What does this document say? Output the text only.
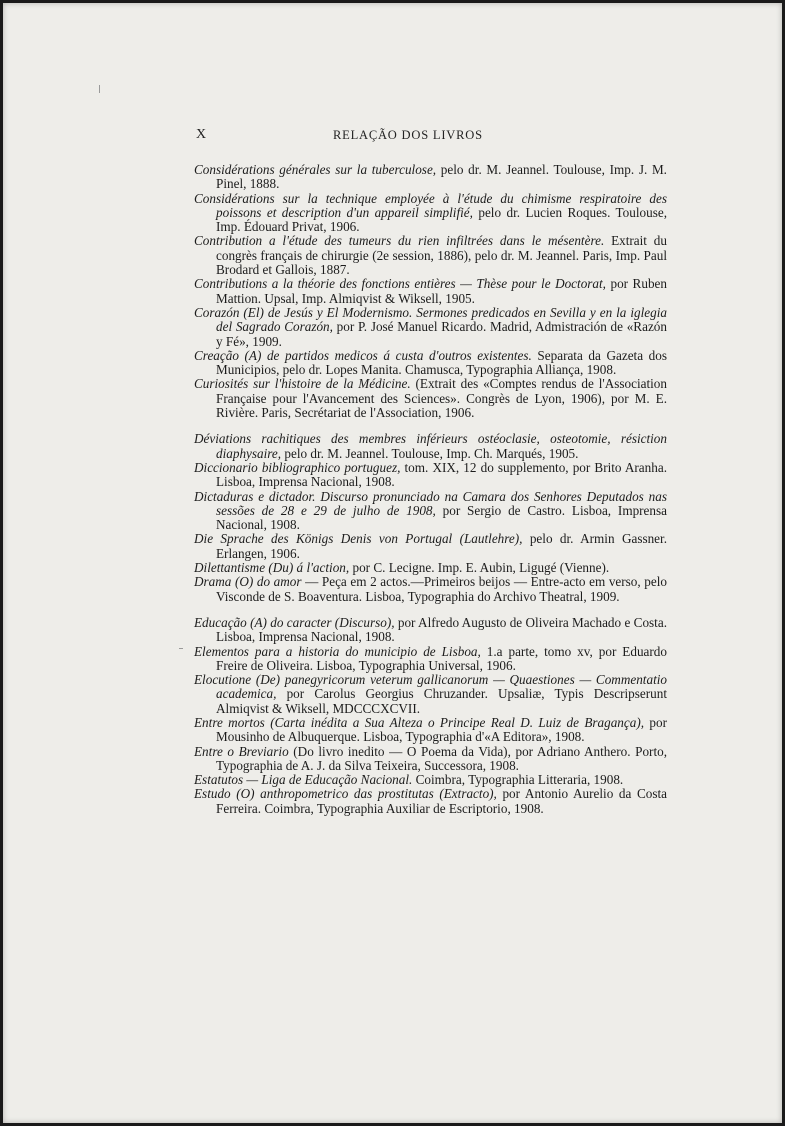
X	RELAÇÃO DOS LIVROS

Considérations générales sur la tuberculose, pelo dr. M. Jeannel. Toulouse, Imp. J. M. Pinel, 1888.

Considérations sur la technique employée à l'étude du chimisme respiratoire des poissons et description d'un appareil simplifié, pelo dr. Lucien Roques. Toulouse, Imp. Édouard Privat, 1906.

Contribution a l'étude des tumeurs du rien infiltrées dans le mésentère. Extrait du congrès français de chirurgie (2e session, 1886), pelo dr. M. Jeannel. Paris, Imp. Paul Brodard et Gallois, 1887.

Contributions a la théorie des fonctions entières — Thèse pour le Doctorat, por Ruben Mattion. Upsal, Imp. Almiqvist & Wiksell, 1905.

Corazón (El) de Jesús y El Modernismo. Sermones predicados en Sevilla y en la iglegia del Sagrado Corazón, por P. José Manuel Ricardo. Madrid, Admistración de «Razón y Fé», 1909.

Creação (A) de partidos medicos á custa d'outros existentes. Separata da Gazeta dos Municipios, pelo dr. Lopes Manita. Chamusca, Typographia Alliança, 1908.

Curiosités sur l'histoire de la Médicine. (Extrait des «Comptes rendus de l'Association Française pour l'Avancement des Sciences». Congrès de Lyon, 1906), por M. E. Rivière. Paris, Secrétariat de l'Association, 1906.

Déviations rachitiques des membres inférieurs ostéoclasie, osteotomie, résiction diaphysaire, pelo dr. M. Jeannel. Toulouse, Imp. Ch. Marqués, 1905.

Diccionario bibliographico portuguez, tom. XIX, 12 do supplemento, por Brito Aranha. Lisboa, Imprensa Nacional, 1908.

Dictaduras e dictador. Discurso pronunciado na Camara dos Senhores Deputados nas sessões de 28 e 29 de julho de 1908, por Sergio de Castro. Lisboa, Imprensa Nacional, 1908.

Die Sprache des Königs Denis von Portugal (Lautlehre), pelo dr. Armin Gassner. Erlangen, 1906.

Dilettantisme (Du) á l'action, por C. Lecigne. Imp. E. Aubin, Ligugé (Vienne).

Drama (O) do amor — Peça em 2 actos.—Primeiros beijos — Entre-acto em verso, pelo Visconde de S. Boaventura. Lisboa, Typographia do Archivo Theatral, 1909.

Educação (A) do caracter (Discurso), por Alfredo Augusto de Oliveira Machado e Costa. Lisboa, Imprensa Nacional, 1908.

Elementos para a historia do municipio de Lisboa, 1.a parte, tomo xv, por Eduardo Freire de Oliveira. Lisboa, Typographia Universal, 1906.

Elocutione (De) panegyricorum veterum gallicanorum — Quaestiones — Commentatio academica, por Carolus Georgius Chruzander. Upsaliæ, Typis Descripserunt Almiqvist & Wiksell, MDCCCXCVII.

Entre mortos (Carta inédita a Sua Alteza o Principe Real D. Luiz de Bragança), por Mousinho de Albuquerque. Lisboa, Typographia d'«A Editora», 1908.

Entre o Breviario (Do livro inedito — O Poema da Vida), por Adriano Anthero. Porto, Typographia de A. J. da Silva Teixeira, Successora, 1908.

Estatutos — Liga de Educação Nacional. Coimbra, Typographia Litteraria, 1908.

Estudo (O) anthropometrico das prostitutas (Extracto), por Antonio Aurelio da Costa Ferreira. Coimbra, Typographia Auxiliar de Escriptorio, 1908.
